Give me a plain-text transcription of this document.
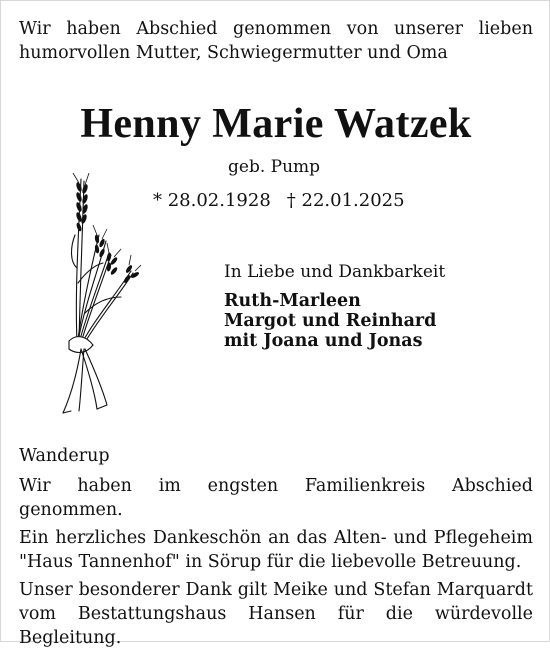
Wir haben Abschied genommen von unserer lieben humorvollen Mutter, Schwiegermutter und Oma
Henny Marie Watzek
geb. Pump
* 28.02.1928 † 22.01.2025
In Liebe und Dankbarkeit
Ruth-Marleen
Margot und Reinhard
mit Joana und Jonas

Wanderup

Wir haben im engsten Familienkreis Abschied genommen.

Ein herzliches Dankeschön an das Alten- und Pflegeheim "Haus Tannenhof" in Sörup für die liebevolle Betreuung.

Unser besonderer Dank gilt Meike und Stefan Marquardt vom Bestattungshaus Hansen für die würdevolle Begleitung.
